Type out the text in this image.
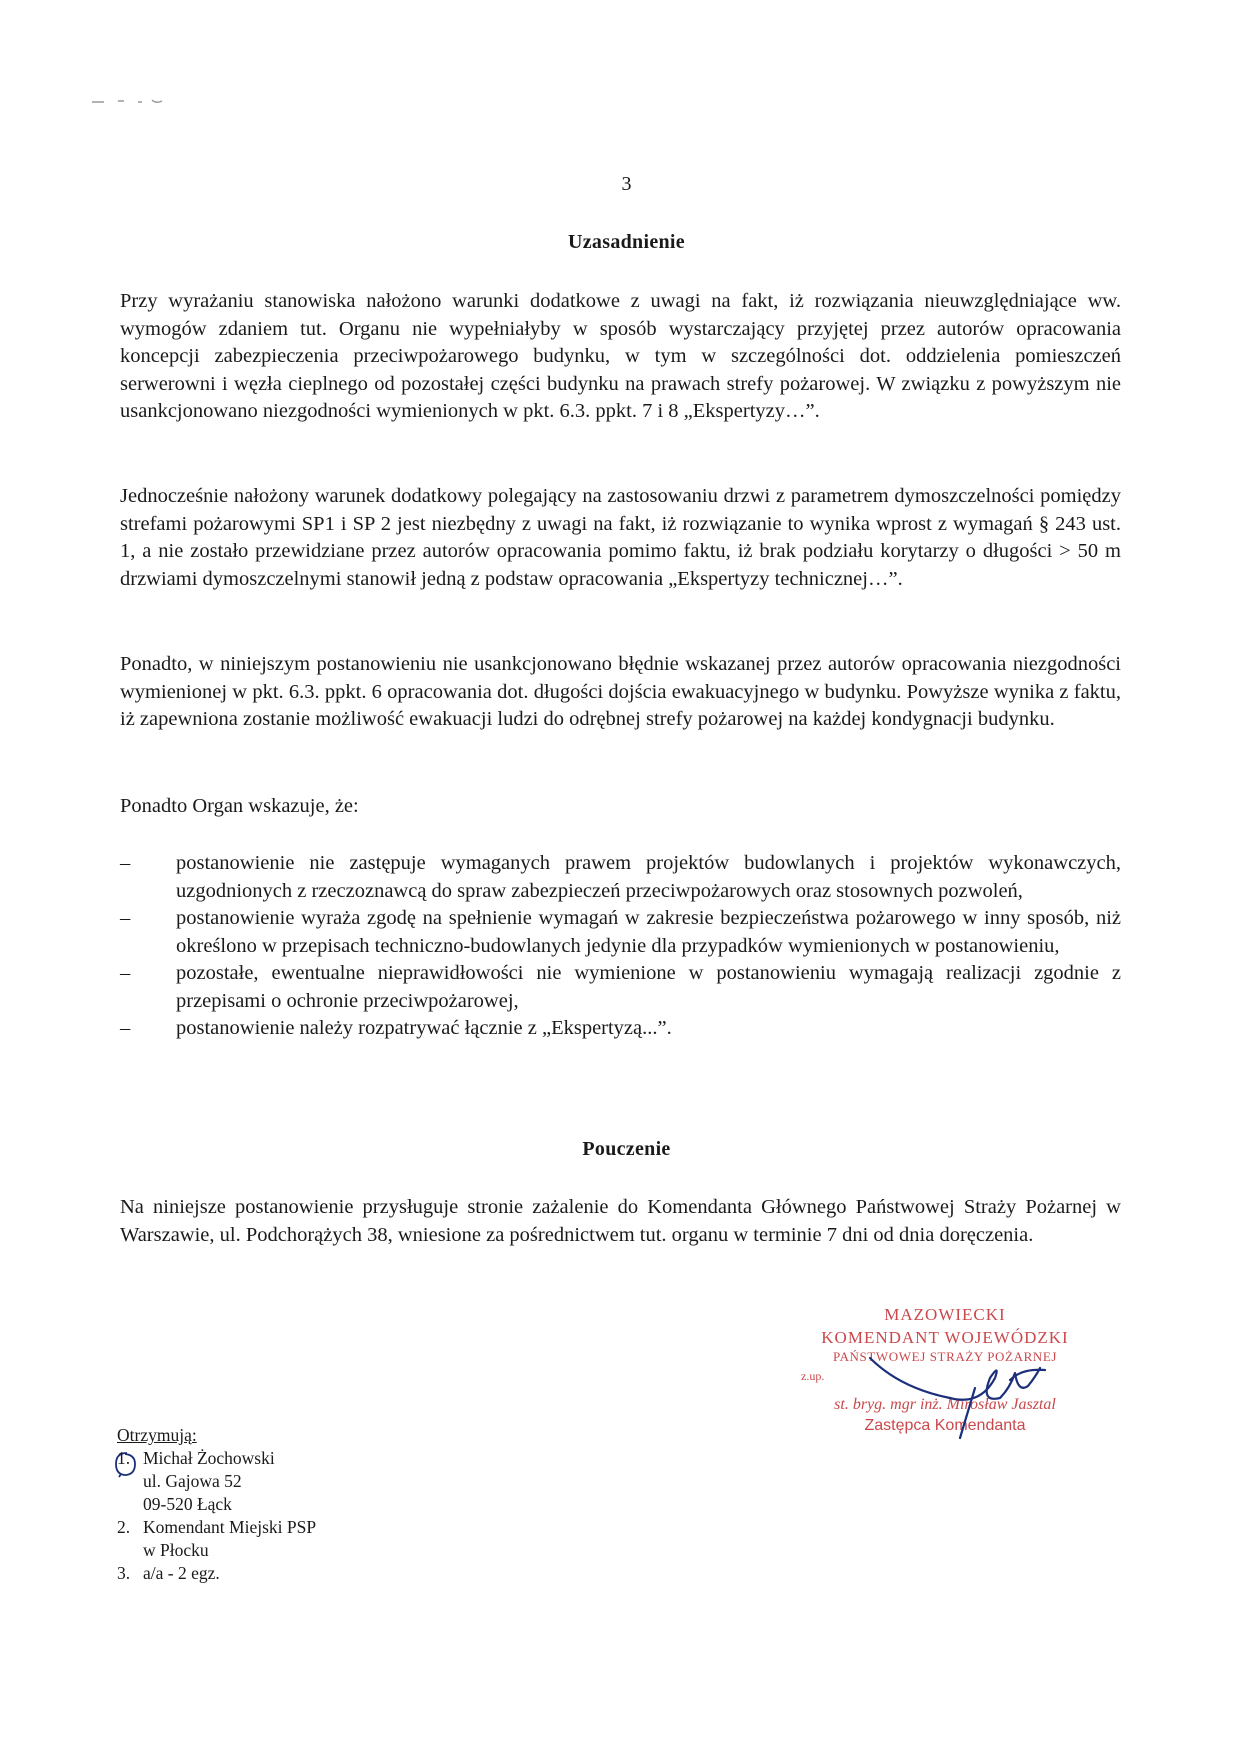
3
Uzasadnienie

Przy wyrażaniu stanowiska nałożono warunki dodatkowe z uwagi na fakt, iż rozwiązania nieuwzględniające ww. wymogów zdaniem tut. Organu nie wypełniałyby w sposób wystarczający przyjętej przez autorów opracowania koncepcji zabezpieczenia przeciwpożarowego budynku, w tym w szczególności dot. oddzielenia pomieszczeń serwerowni i węzła cieplnego od pozostałej części budynku na prawach strefy pożarowej. W związku z powyższym nie usankcjonowano niezgodności wymienionych w pkt. 6.3. ppkt. 7 i 8 „Ekspertyzy…”.

Jednocześnie nałożony warunek dodatkowy polegający na zastosowaniu drzwi z parametrem dymoszczelności pomiędzy strefami pożarowymi SP1 i SP 2 jest niezbędny z uwagi na fakt, iż rozwiązanie to wynika wprost z wymagań § 243 ust. 1, a nie zostało przewidziane przez autorów opracowania pomimo faktu, iż brak podziału korytarzy o długości > 50 m drzwiami dymoszczelnymi stanowił jedną z podstaw opracowania „Ekspertyzy technicznej…”.

Ponadto, w niniejszym postanowieniu nie usankcjonowano błędnie wskazanej przez autorów opracowania niezgodności wymienionej w pkt. 6.3. ppkt. 6 opracowania dot. długości dojścia ewakuacyjnego w budynku. Powyższe wynika z faktu, iż zapewniona zostanie możliwość ewakuacji ludzi do odrębnej strefy pożarowej na każdej kondygnacji budynku.

Ponadto Organ wskazuje, że:

– postanowienie nie zastępuje wymaganych prawem projektów budowlanych i projektów wykonawczych, uzgodnionych z rzeczoznawcą do spraw zabezpieczeń przeciwpożarowych oraz stosownych pozwoleń,
– postanowienie wyraża zgodę na spełnienie wymagań w zakresie bezpieczeństwa pożarowego w inny sposób, niż określono w przepisach techniczno-budowlanych jedynie dla przypadków wymienionych w postanowieniu,
– pozostałe, ewentualne nieprawidłowości nie wymienione w postanowieniu wymagają realizacji zgodnie z przepisami o ochronie przeciwpożarowej,
– postanowienie należy rozpatrywać łącznie z „Ekspertyzą...”.
Pouczenie

Na niniejsze postanowienie przysługuje stronie zażalenie do Komendanta Głównego Państwowej Straży Pożarnej w Warszawie, ul. Podchorążych 38, wniesione za pośrednictwem tut. organu w terminie 7 dni od dnia doręczenia.

MAZOWIECKI
KOMENDANT WOJEWÓDZKI
PAŃSTWOWEJ STRAŻY POŻARNEJ
z.up.
st. bryg. mgr inż. Mirosław Jasztal
Zastępca Komendanta
Otrzymują:
1. Michał Żochowski
ul. Gajowa 52
09-520 Łąck
2. Komendant Miejski PSP
w Płocku
3. a/a - 2 egz.
